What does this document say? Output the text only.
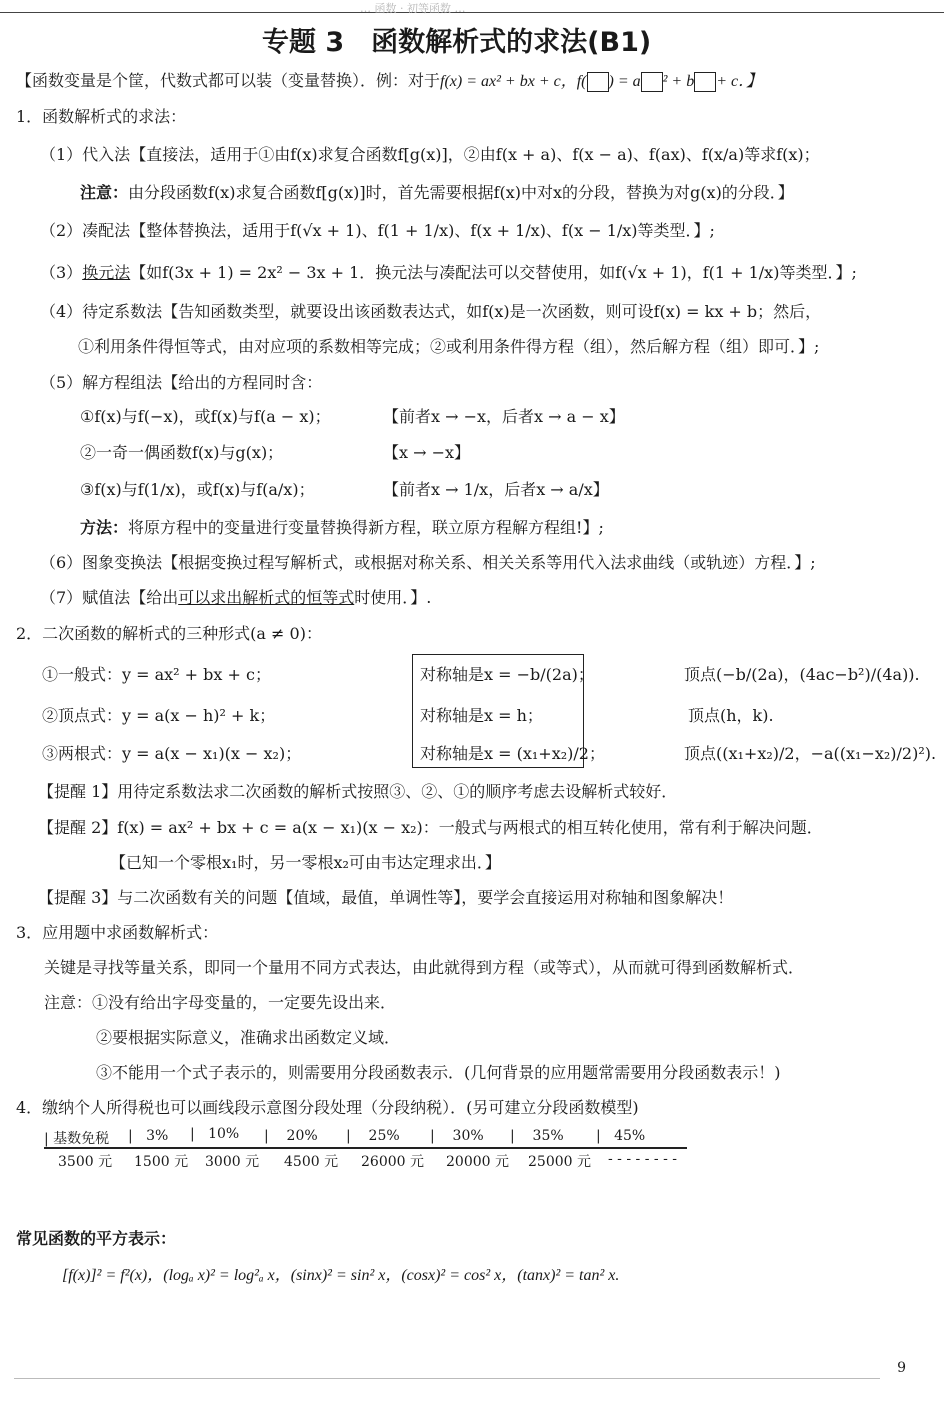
… 函数 · 初等函数 …
专题 3　函数解析式的求法(B1)
【函数变量是个筐，代数式都可以装（变量替换）．例：对于f(x) = ax² + bx + c，f( ) = a ² + b + c．】
1．函数解析式的求法：
（1）代入法【直接法，适用于①由f(x)求复合函数f[g(x)]，②由f(x + a)、f(x − a)、f(ax)、f(x/a)等求f(x)；
注意：由分段函数f(x)求复合函数f[g(x)]时，首先需要根据f(x)中对x的分段，替换为对g(x)的分段．】
（2）凑配法【整体替换法，适用于f(√x + 1)、f(1 + 1/x)、f(x + 1/x)、f(x − 1/x)等类型．】;
（3）换元法【如f(3x + 1) = 2x² − 3x + 1．换元法与凑配法可以交替使用，如f(√x + 1)，f(1 + 1/x)等类型．】;
（4）待定系数法【告知函数类型，就要设出该函数表达式，如f(x)是一次函数，则可设f(x) = kx + b；然后，
①利用条件得恒等式，由对应项的系数相等完成；②或利用条件得方程（组），然后解方程（组）即可．】;
（5）解方程组法【给出的方程同时含：
①f(x)与f(−x)，或f(x)与f(a − x)；	【前者x → −x，后者x → a − x】
②一奇一偶函数f(x)与g(x)；	【x → −x】
③f(x)与f(1/x)，或f(x)与f(a/x)；	【前者x → 1/x，后者x → a/x】
方法：将原方程中的变量进行变量替换得新方程，联立原方程解方程组!】;
（6）图象变换法【根据变换过程写解析式，或根据对称关系、相关关系等用代入法求曲线（或轨迹）方程．】;
（7）赋值法【给出可以求出解析式的恒等式时使用．】.
2．二次函数的解析式的三种形式(a ≠ 0)：
①一般式：y = ax² + bx + c；	对称轴是x = −b/(2a)；	顶点(−b/(2a)，(4ac−b²)/(4a)).
②顶点式：y = a(x − h)² + k；	对称轴是x = h；	顶点(h，k).
③两根式：y = a(x − x₁)(x − x₂)；	对称轴是x = (x₁+x₂)/2；	顶点((x₁+x₂)/2，−a((x₁−x₂)/2)²).
【提醒 1】用待定系数法求二次函数的解析式按照③、②、①的顺序考虑去设解析式较好．
【提醒 2】f(x) = ax² + bx + c = a(x − x₁)(x − x₂)：一般式与两根式的相互转化使用，常有利于解决问题．
【已知一个零根x₁时，另一零根x₂可由韦达定理求出．】
【提醒 3】与二次函数有关的问题【值域，最值，单调性等】，要学会直接运用对称轴和图象解决！
3．应用题中求函数解析式：
关键是寻找等量关系，即同一个量用不同方式表达，由此就得到方程（或等式），从而就可得到函数解析式．
注意：①没有给出字母变量的，一定要先设出来．
②要根据实际意义，准确求出函数定义域．
③不能用一个式子表示的，则需要用分段函数表示．(几何背景的应用题常需要用分段函数表示！)
4．缴纳个人所得税也可以画线段示意图分段处理（分段纳税）．(另可建立分段函数模型)
| 基数免税 |   3% |   10% |    20% |    25% |    30% |    35% |   45%
3500 元 1500 元 3000 元 4500 元 26000 元 20000 元 25000 元 - - - - - - - -
常见函数的平方表示：
[f(x)]² = f²(x)，(logₐ x)² = log²ₐ x，(sinx)² = sin² x，(cosx)² = cos² x，(tanx)² = tan² x.
9
